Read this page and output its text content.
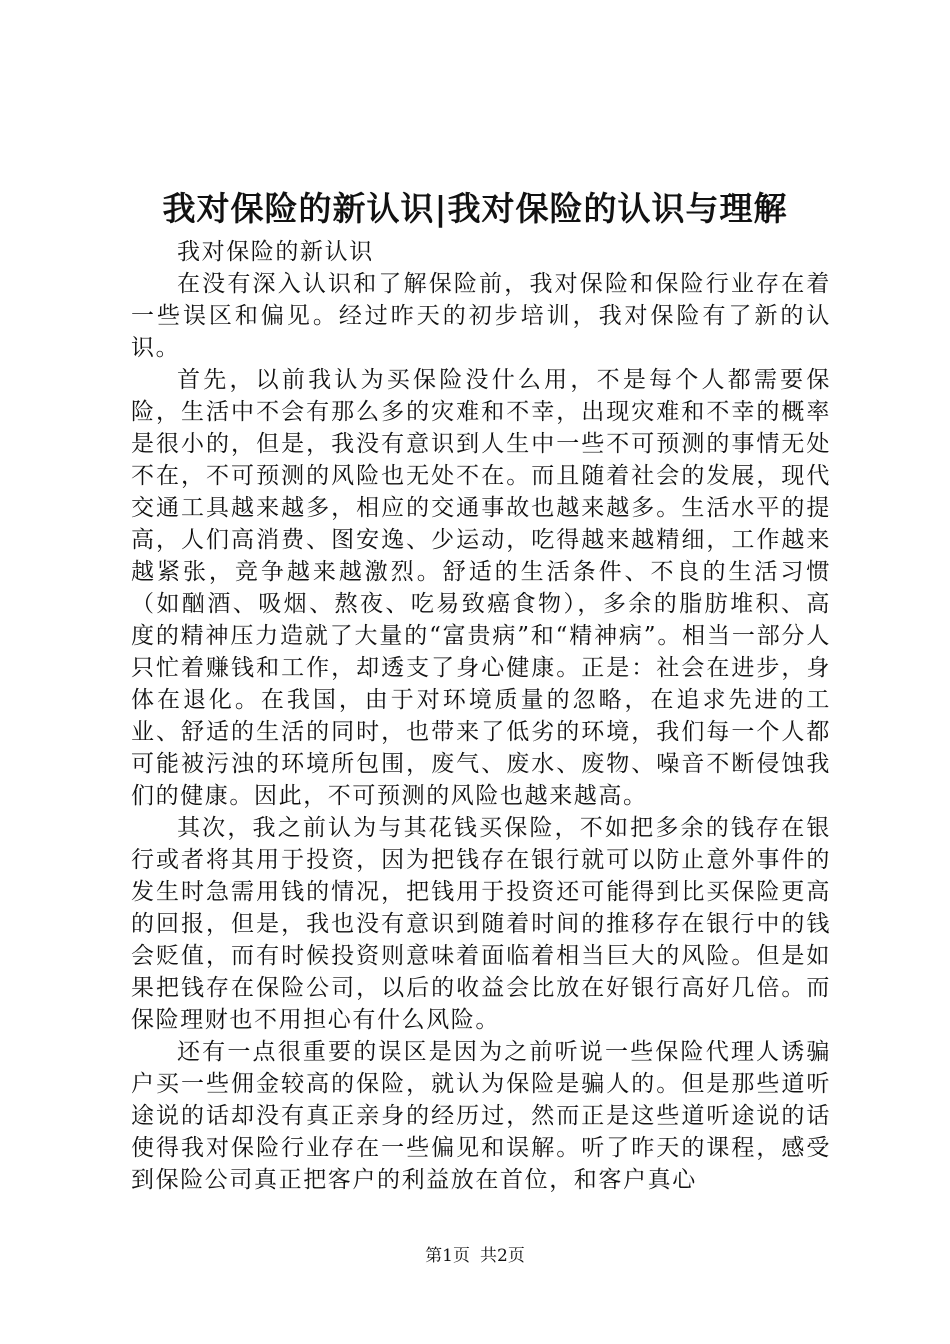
我对保险的新认识|我对保险的认识与理解

我对保险的新认识

在没有深入认识和了解保险前，我对保险和保险行业存在着一些误区和偏见。经过昨天的初步培训，我对保险有了新的认识。

首先，以前我认为买保险没什么用，不是每个人都需要保险，生活中不会有那么多的灾难和不幸，出现灾难和不幸的概率是很小的，但是，我没有意识到人生中一些不可预测的事情无处不在，不可预测的风险也无处不在。而且随着社会的发展，现代交通工具越来越多，相应的交通事故也越来越多。生活水平的提高，人们高消费、图安逸、少运动，吃得越来越精细，工作越来越紧张，竞争越来越激烈。舒适的生活条件、不良的生活习惯（如酗酒、吸烟、熬夜、吃易致癌食物），多余的脂肪堆积、高度的精神压力造就了大量的“富贵病”和“精神病”。相当一部分人只忙着赚钱和工作，却透支了身心健康。正是：社会在进步，身体在退化。在我国，由于对环境质量的忽略，在追求先进的工业、舒适的生活的同时，也带来了低劣的环境，我们每一个人都可能被污浊的环境所包围，废气、废水、废物、噪音不断侵蚀我们的健康。因此，不可预测的风险也越来越高。

其次，我之前认为与其花钱买保险，不如把多余的钱存在银行或者将其用于投资，因为把钱存在银行就可以防止意外事件的发生时急需用钱的情况，把钱用于投资还可能得到比买保险更高的回报，但是，我也没有意识到随着时间的推移存在银行中的钱会贬值，而有时候投资则意味着面临着相当巨大的风险。但是如果把钱存在保险公司，以后的收益会比放在好银行高好几倍。而保险理财也不用担心有什么风险。

还有一点很重要的误区是因为之前听说一些保险代理人诱骗户买一些佣金较高的保险，就认为保险是骗人的。但是那些道听途说的话却没有真正亲身的经历过，然而正是这些道听途说的话使得我对保险行业存在一些偏见和误解。听了昨天的课程，感受到保险公司真正把客户的利益放在首位，和客户真心

第1页 共2页
